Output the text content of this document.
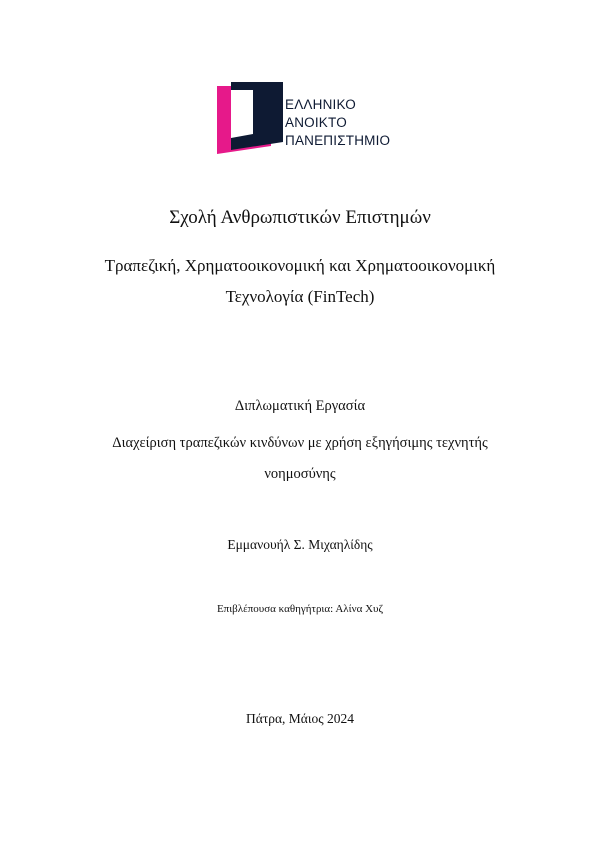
ΕΛΛΗΝΙΚΟ
ΑΝΟΙΚΤΟ
ΠΑΝΕΠΙΣΤΗΜΙΟ
Σχολή Ανθρωπιστικών Επιστημών
Τραπεζική, Χρηματοοικονομική και Χρηματοοικονομική
Τεχνολογία (FinTech)
Διπλωματική Εργασία
Διαχείριση τραπεζικών κινδύνων με χρήση εξηγήσιμης τεχνητής
νοημοσύνης
Εμμανουήλ Σ. Μιχαηλίδης
Επιβλέπουσα καθηγήτρια: Αλίνα Χυζ
Πάτρα, Μάιος 2024
